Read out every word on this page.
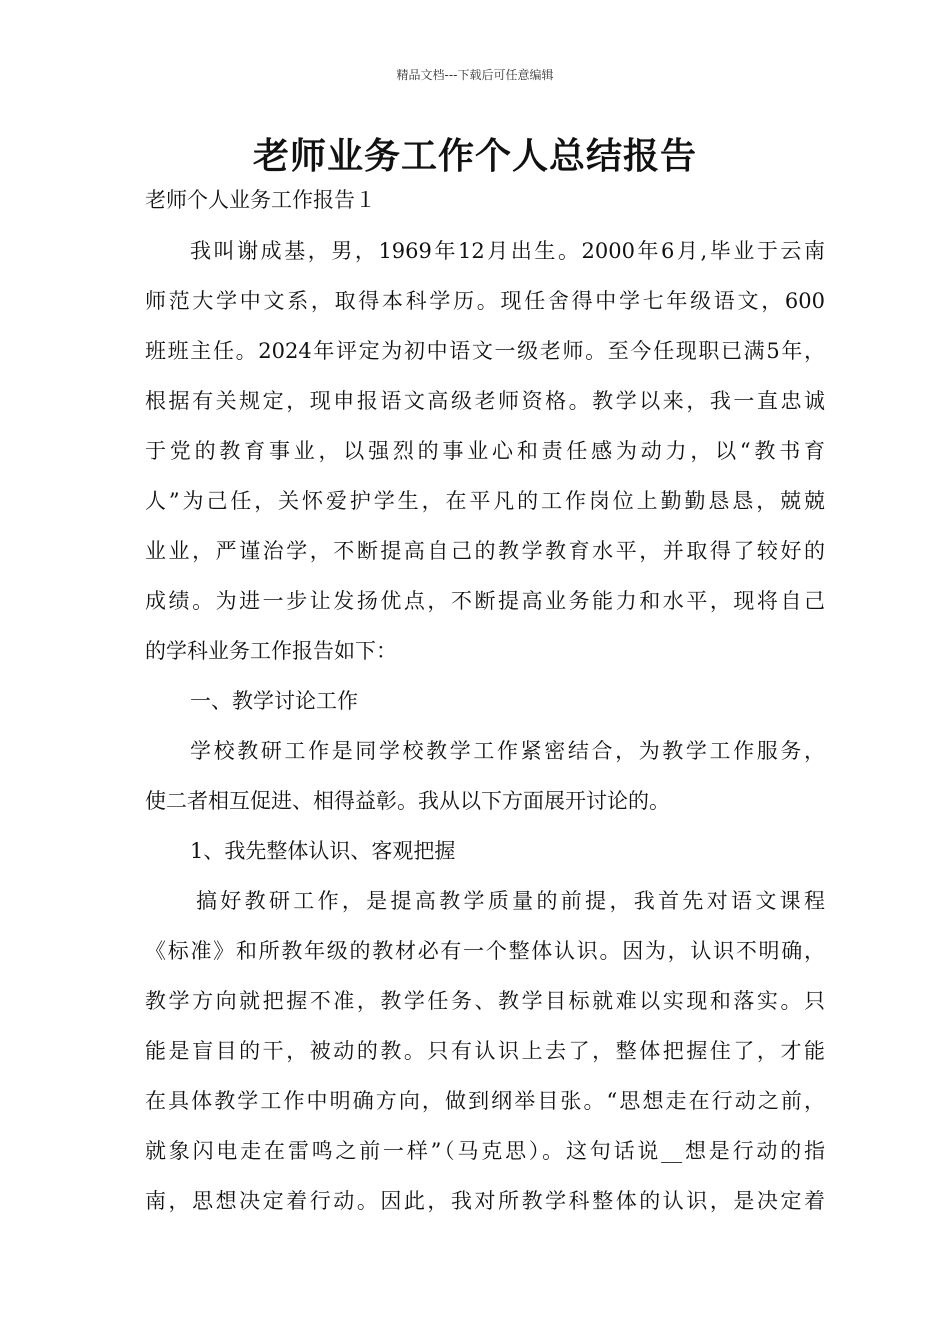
精品文档---下载后可任意编辑
老师业务工作个人总结报告
老师个人业务工作报告１
我叫谢成基，男，1969年12月出生。2000年6月,毕业于云南
师范大学中文系，取得本科学历。现任舍得中学七年级语文，600
班班主任。2024年评定为初中语文一级老师。至今任现职已满5年，
根据有关规定，现申报语文高级老师资格。教学以来，我一直忠诚
于党的教育事业，以强烈的事业心和责任感为动力，以“教书育
人”为己任，关怀爱护学生，在平凡的工作岗位上勤勤恳恳，兢兢
业业，严谨治学，不断提高自己的教学教育水平，并取得了较好的
成绩。为进一步让发扬优点，不断提高业务能力和水平，现将自己
的学科业务工作报告如下：
一、教学讨论工作
学校教研工作是同学校教学工作紧密结合，为教学工作服务，
使二者相互促进、相得益彰。我从以下方面展开讨论的。
1、我先整体认识、客观把握
搞好教研工作，是提高教学质量的前提，我首先对语文课程
《标准》和所教年级的教材必有一个整体认识。因为，认识不明确，
教学方向就把握不准，教学任务、教学目标就难以实现和落实。只
能是盲目的干，被动的教。只有认识上去了，整体把握住了，才能
在具体教学工作中明确方向，做到纲举目张。“思想走在行动之前，
就象闪电走在雷鸣之前一样”（马克思）。这句话说__想是行动的指
南，思想决定着行动。因此，我对所教学科整体的认识，是决定着
